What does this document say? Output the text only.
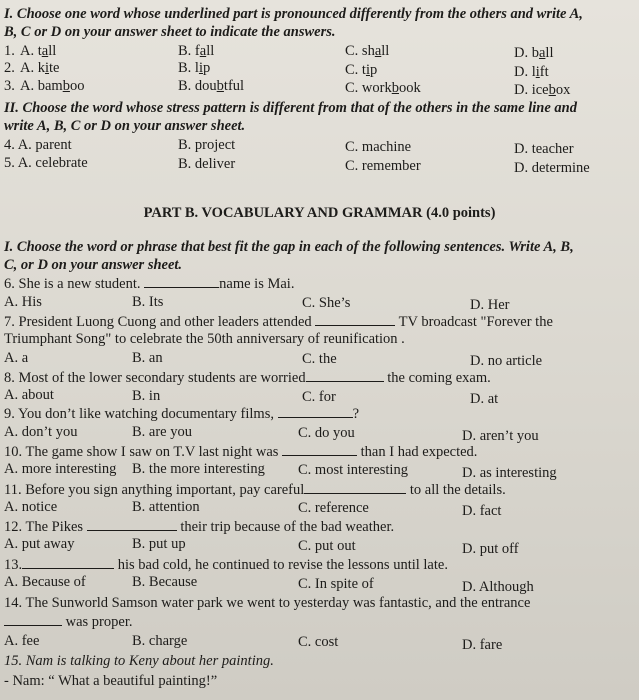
I. Choose one word whose underlined part is pronounced differently from the others and write A,
B, C or D on your answer sheet to indicate the answers.
1. A. tall	B. fall	C. shall	D. ball
2. A. kite	B. lip	C. tip	D. lift
3. A. bamboo	B. doubtful	C. workbook	D. icebox
II. Choose the word whose stress pattern is different from that of the others in the same line and
write A, B, C or D on your answer sheet.
4. A. parent	B. project	C. machine	D. teacher
5. A. celebrate	B. deliver	C. remember	D. determine
PART B. VOCABULARY AND GRAMMAR (4.0 points)
I. Choose the word or phrase that best fit the gap in each of the following sentences. Write A, B,
C, or D on your answer sheet.
6. She is a new student.	name is Mai.
A. His	B. Its	C. She’s	D. Her
7. President Luong Cuong and other leaders attended	TV broadcast "Forever the
Triumphant Song" to celebrate the 50th anniversary of reunification .
A. a	B. an	C. the	D. no article
8. Most of the lower secondary students are worried	the coming exam.
A. about	B. in	C. for	D. at
9. You don’t like watching documentary films,	?
A. don’t you	B. are you	C. do you	D. aren’t you
10. The game show I saw on T.V last night was	than I had expected.
A. more interesting B. the more interesting C. most interesting	D. as interesting
11. Before you sign anything important, pay careful	to all the details.
A. notice	B. attention	C. reference	D. fact
12. The Pikes	their trip because of the bad weather.
A. put away	B. put up	C. put out	D. put off
13.	his bad cold, he continued to revise the lessons until late.
A. Because of	B. Because	C. In spite of	D. Although
14. The Sunworld Samson water park we went to yesterday was fantastic, and the entrance
was proper.
A. fee	B. charge	C. cost	D. fare
15. Nam is talking to Keny about her painting.
- Nam: “ What a beautiful painting!”
